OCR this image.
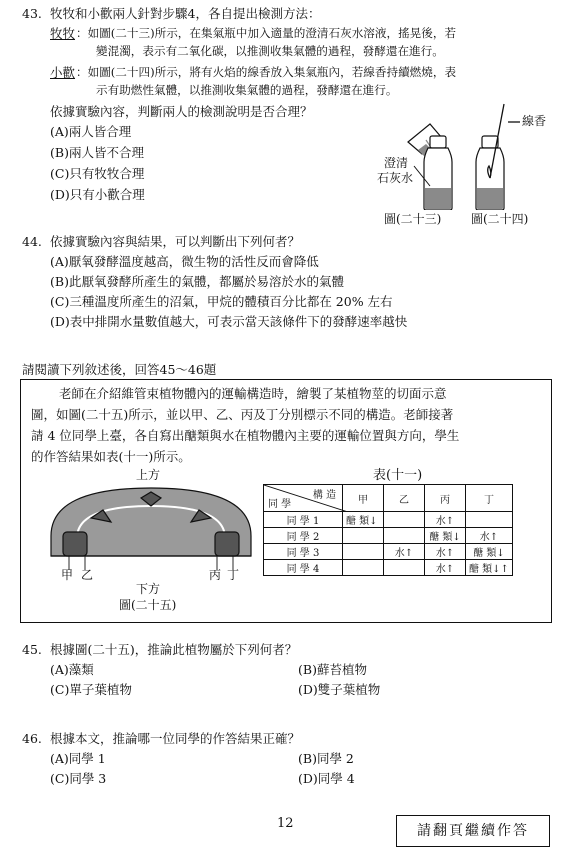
43. 牧牧和小歡兩人針對步驟4，各自提出檢測方法：
牧牧 ：如圖(二十三)所示，在集氣瓶中加入適量的澄清石灰水溶液，搖晃後，若
變混濁，表示有二氧化碳，以推測收集氣體的過程，發酵還在進行。
小歡 ：如圖(二十四)所示，將有火焰的線香放入集氣瓶內，若線香持續燃燒，表
示有助燃性氣體，以推測收集氣體的過程，發酵還在進行。
依據實驗內容，判斷兩人的檢測說明是否合理？
(A)兩人皆合理
(B)兩人皆不合理
(C)只有牧牧合理
(D)只有小歡合理
線香
澄清
石灰水
圖(二十三) 圖(二十四)
44. 依據實驗內容與結果，可以判斷出下列何者？
(A)厭氧發酵溫度越高，微生物的活性反而會降低
(B)此厭氧發酵所產生的氣體，都屬於易溶於水的氣體
(C)三種溫度所產生的沼氣，甲烷的體積百分比都在 20% 左右
(D)表中排開水量數值越大，可表示當天該條件下的發酵速率越快
請閱讀下列敘述後，回答45～46題
老師在介紹維管束植物體內的運輸構造時，繪製了某植物莖的切面示意
圖，如圖(二十五)所示，並以甲、乙、丙及丁分別標示不同的構造。老師接著
請 4 位同學上臺，各自寫出醣類與水在植物體內主要的運輸位置與方向，學生
的作答結果如表(十一)所示。
上方
甲 乙	丙 丁
下方
圖(二十五)
表(十一)
構 造
同 學	甲	乙	丙	丁
同 學 1	醣 類↓		水↑	
同 學 2			醣 類↓	水↑
同 學 3		水↑	水↑	醣 類↓
同 學 4			水↑	醣 類↓↑
45. 根據圖(二十五)，推論此植物屬於下列何者？
(A)藻類	(B)蘚苔植物
(C)單子葉植物	(D)雙子葉植物
46. 根據本文，推論哪一位同學的作答結果正確？
(A)同學 1	(B)同學 2
(C)同學 3	(D)同學 4
12	請翻頁繼續作答
